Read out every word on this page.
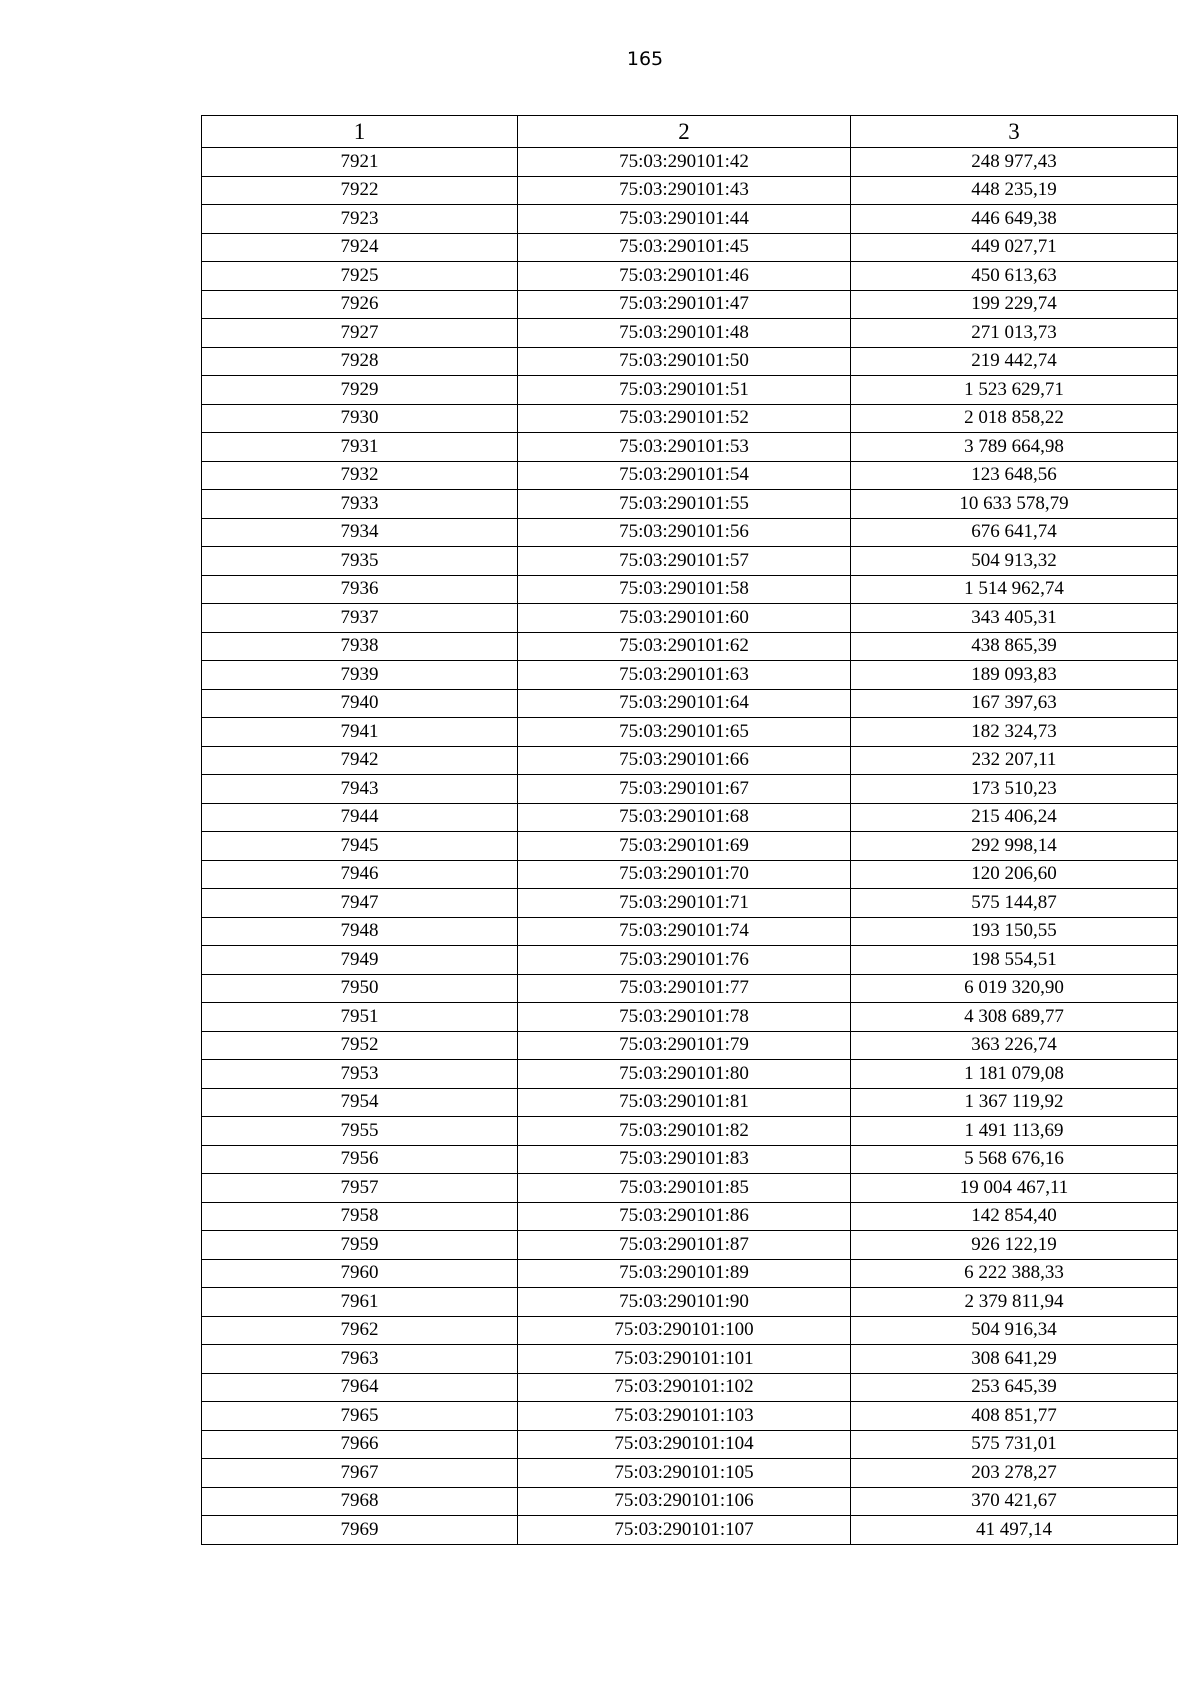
165
1	2	3
7921	75:03:290101:42	248 977,43
7922	75:03:290101:43	448 235,19
7923	75:03:290101:44	446 649,38
7924	75:03:290101:45	449 027,71
7925	75:03:290101:46	450 613,63
7926	75:03:290101:47	199 229,74
7927	75:03:290101:48	271 013,73
7928	75:03:290101:50	219 442,74
7929	75:03:290101:51	1 523 629,71
7930	75:03:290101:52	2 018 858,22
7931	75:03:290101:53	3 789 664,98
7932	75:03:290101:54	123 648,56
7933	75:03:290101:55	10 633 578,79
7934	75:03:290101:56	676 641,74
7935	75:03:290101:57	504 913,32
7936	75:03:290101:58	1 514 962,74
7937	75:03:290101:60	343 405,31
7938	75:03:290101:62	438 865,39
7939	75:03:290101:63	189 093,83
7940	75:03:290101:64	167 397,63
7941	75:03:290101:65	182 324,73
7942	75:03:290101:66	232 207,11
7943	75:03:290101:67	173 510,23
7944	75:03:290101:68	215 406,24
7945	75:03:290101:69	292 998,14
7946	75:03:290101:70	120 206,60
7947	75:03:290101:71	575 144,87
7948	75:03:290101:74	193 150,55
7949	75:03:290101:76	198 554,51
7950	75:03:290101:77	6 019 320,90
7951	75:03:290101:78	4 308 689,77
7952	75:03:290101:79	363 226,74
7953	75:03:290101:80	1 181 079,08
7954	75:03:290101:81	1 367 119,92
7955	75:03:290101:82	1 491 113,69
7956	75:03:290101:83	5 568 676,16
7957	75:03:290101:85	19 004 467,11
7958	75:03:290101:86	142 854,40
7959	75:03:290101:87	926 122,19
7960	75:03:290101:89	6 222 388,33
7961	75:03:290101:90	2 379 811,94
7962	75:03:290101:100	504 916,34
7963	75:03:290101:101	308 641,29
7964	75:03:290101:102	253 645,39
7965	75:03:290101:103	408 851,77
7966	75:03:290101:104	575 731,01
7967	75:03:290101:105	203 278,27
7968	75:03:290101:106	370 421,67
7969	75:03:290101:107	41 497,14
